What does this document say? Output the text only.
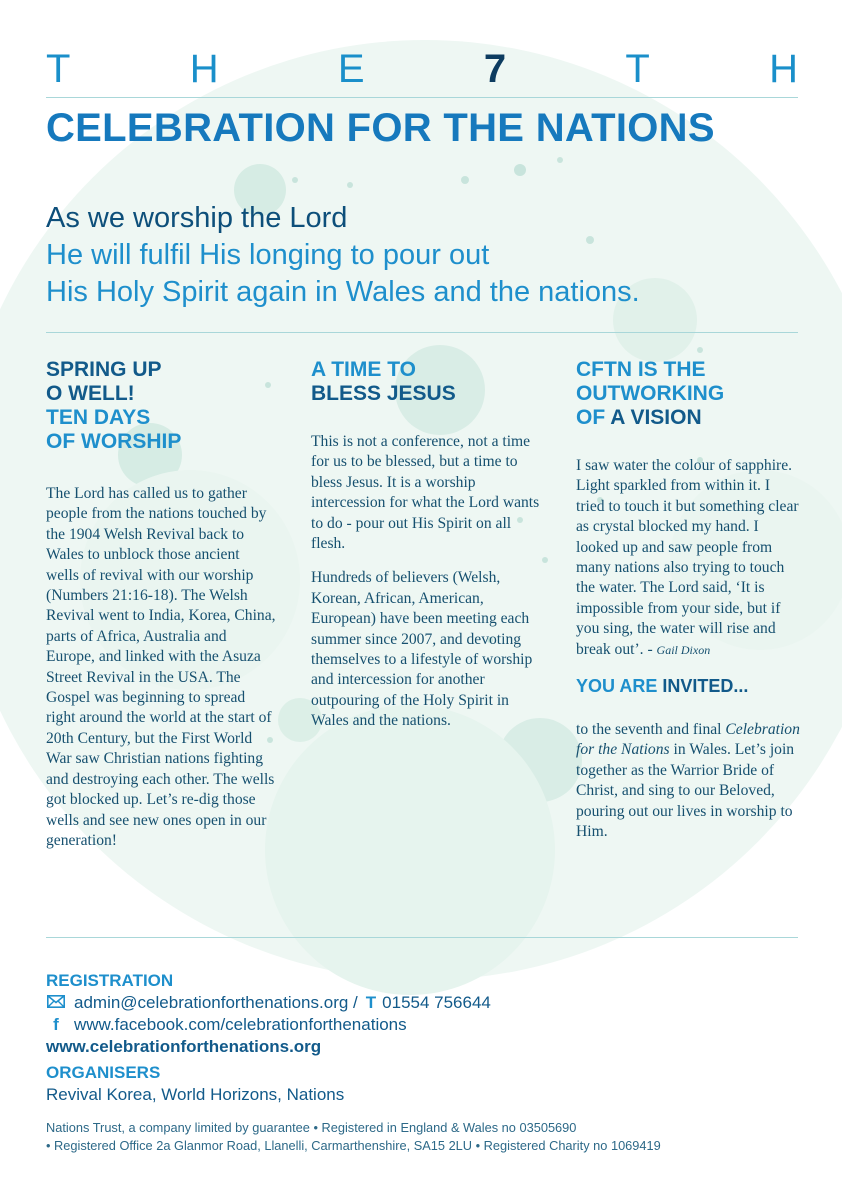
T	H	E	7	T	H
CELEBRATION FOR THE NATIONS
As we worship the Lord
He will fulfil His longing to pour out
His Holy Spirit again in Wales and the nations.
SPRING UP
O WELL!
TEN DAYS
OF WORSHIP

The Lord has called us to gather people from the nations touched by the 1904 Welsh Revival back to Wales to unblock those ancient wells of revival with our worship (Numbers 21:16-18). The Welsh Revival went to India, Korea, China, parts of Africa, Australia and Europe, and linked with the Asuza Street Revival in the USA. The Gospel was beginning to spread right around the world at the start of 20th Century, but the First World War saw Christian nations fighting and destroying each other. The wells got blocked up. Let’s re-dig those wells and see new ones open in our generation!

A TIME TO
BLESS JESUS

This is not a conference, not a time for us to be blessed, but a time to bless Jesus. It is a worship intercession for what the Lord wants to do - pour out His Spirit on all flesh.

Hundreds of believers (Welsh, Korean, African, American, European) have been meeting each summer since 2007, and devoting themselves to a lifestyle of worship and intercession for another outpouring of the Holy Spirit in Wales and the nations.

CFTN IS THE
OUTWORKING
OF A VISION

I saw water the colour of sapphire. Light sparkled from within it. I tried to touch it but something clear as crystal blocked my hand. I looked up and saw people from many nations also trying to touch the water. The Lord said, ‘It is impossible from your side, but if you sing, the water will rise and break out’. - Gail Dixon

YOU ARE INVITED...

to the seventh and final Celebration for the Nations in Wales. Let’s join together as the Warrior Bride of Christ, and sing to our Beloved, pouring out our lives in worship to Him.

REGISTRATION
admin@celebrationforthenations.org / T 01554 756644
f www.facebook.com/celebrationforthenations
www.celebrationforthenations.org
ORGANISERS
Revival Korea, World Horizons, Nations
Nations Trust, a company limited by guarantee • Registered in England & Wales no 03505690
• Registered Office 2a Glanmor Road, Llanelli, Carmarthenshire, SA15 2LU • Registered Charity no 1069419
